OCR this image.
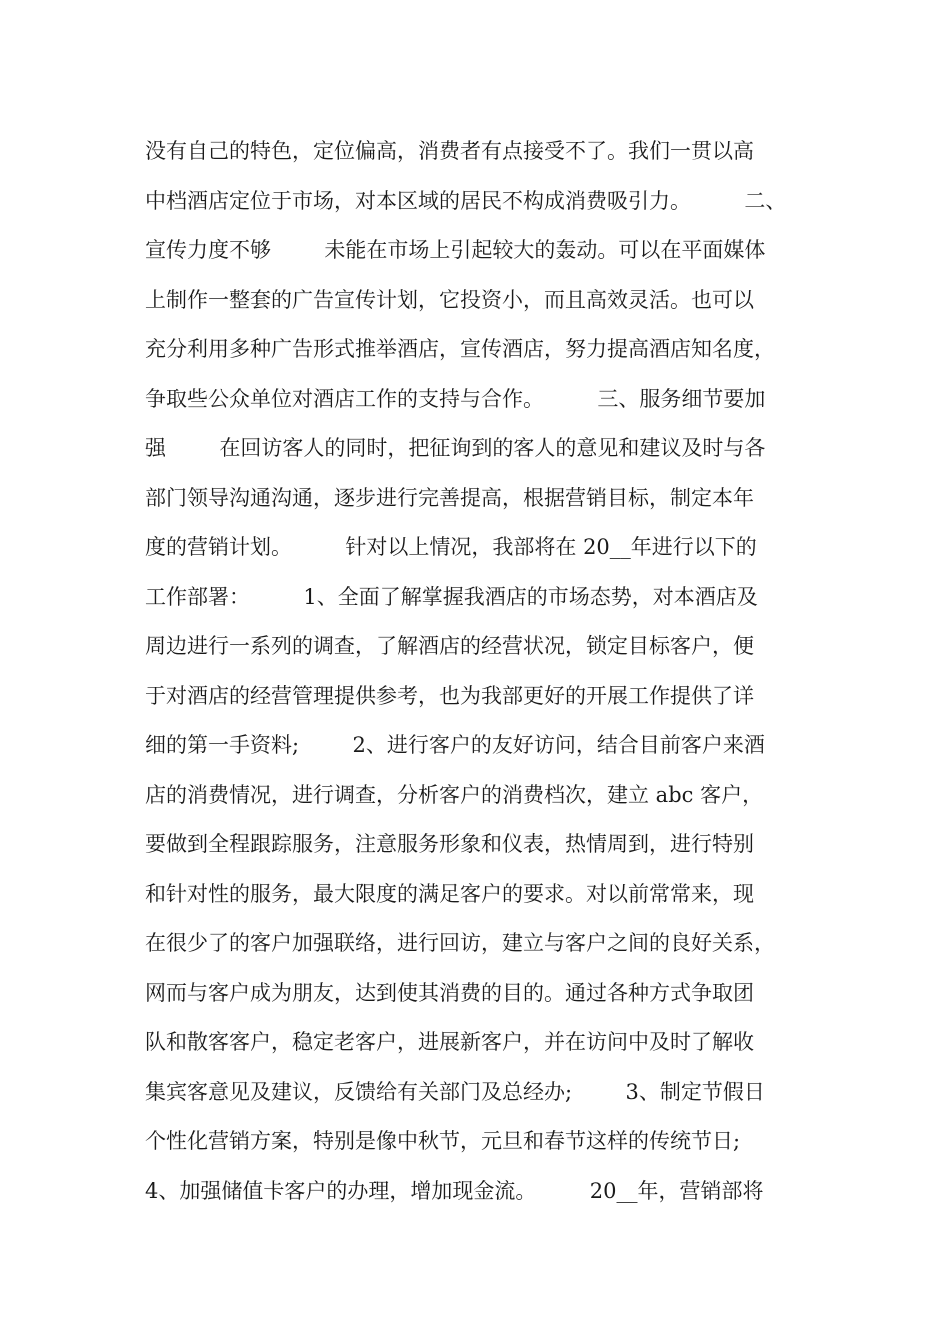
没有自己的特色，定位偏高，消费者有点接受不了。我们一贯以高
中档酒店定位于市场，对本区域的居民不构成消费吸引力。        二、
宣传力度不够        未能在市场上引起较大的轰动。可以在平面媒体
上制作一整套的广告宣传计划，它投资小，而且高效灵活。也可以
充分利用多种广告形式推举酒店，宣传酒店，努力提高酒店知名度，
争取些公众单位对酒店工作的支持与合作。        三、服务细节要加
强        在回访客人的同时，把征询到的客人的意见和建议及时与各
部门领导沟通沟通，逐步进行完善提高，根据营销目标，制定本年
度的营销计划。        针对以上情况，我部将在 20__年进行以下的
工作部署：        1、全面了解掌握我酒店的市场态势，对本酒店及
周边进行一系列的调查，了解酒店的经营状况，锁定目标客户，便
于对酒店的经营管理提供参考，也为我部更好的开展工作提供了详
细的第一手资料;        2、进行客户的友好访问，结合目前客户来酒
店的消费情况，进行调查，分析客户的消费档次，建立 abc 客户，
要做到全程跟踪服务，注意服务形象和仪表，热情周到，进行特别
和针对性的服务，最大限度的满足客户的要求。对以前常常来，现
在很少了的客户加强联络，进行回访，建立与客户之间的良好关系，
网而与客户成为朋友，达到使其消费的目的。通过各种方式争取团
队和散客客户，稳定老客户，进展新客户，并在访问中及时了解收
集宾客意见及建议，反馈给有关部门及总经办;        3、制定节假日
个性化营销方案，特别是像中秋节，元旦和春节这样的传统节日;
4、加强储值卡客户的办理，增加现金流。        20__年，营销部将
